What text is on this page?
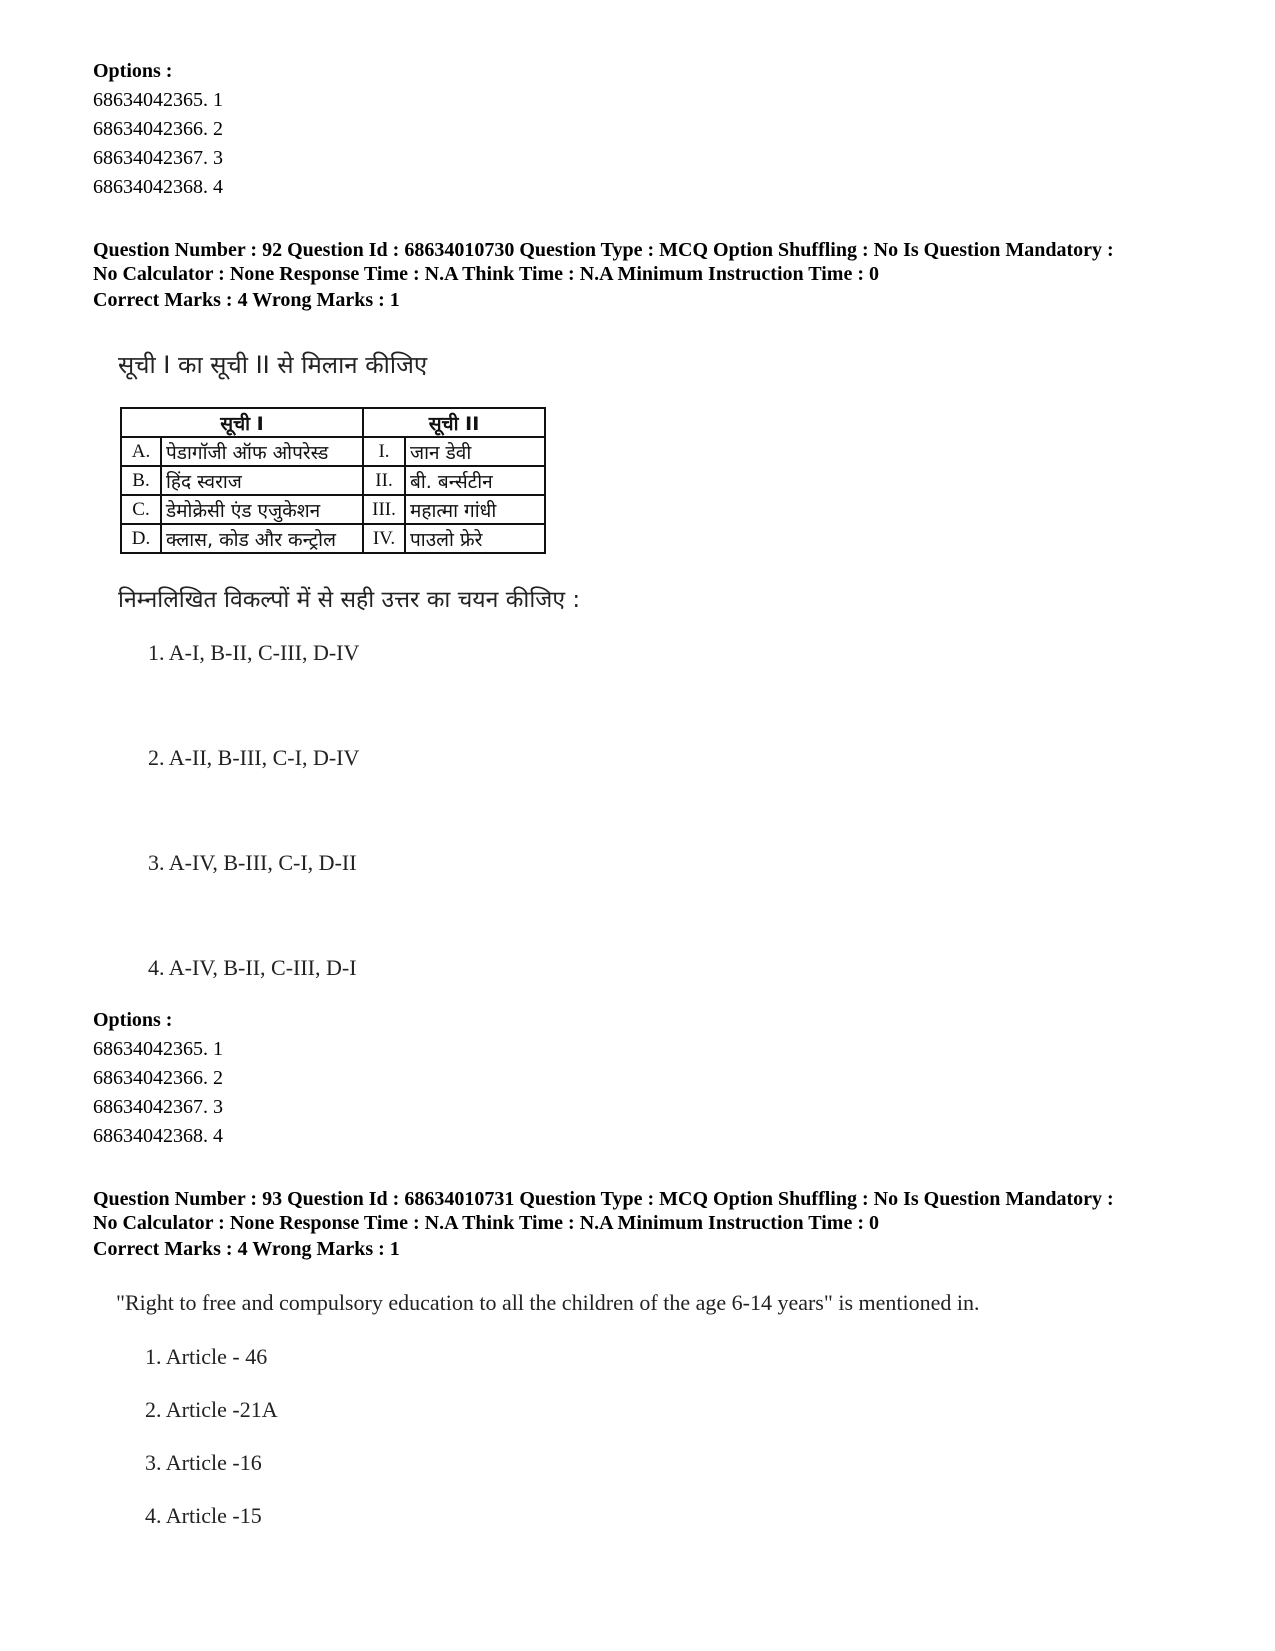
Options :
68634042365. 1
68634042366. 2
68634042367. 3
68634042368. 4
Question Number : 92 Question Id : 68634010730 Question Type : MCQ Option Shuffling : No Is Question Mandatory :
No Calculator : None Response Time : N.A Think Time : N.A Minimum Instruction Time : 0
Correct Marks : 4 Wrong Marks : 1
सूची I का सूची II से मिलान कीजिए
सूची I		सूची II	
A.	पेडागॉजी ऑफ ओपरेस्ड	I.	जान डेवी
B.	हिंद स्वराज	II.	बी. बर्न्सटीन
C.	डेमोक्रेसी एंड एजुकेशन	III.	महात्मा गांधी
D.	क्लास, कोड और कन्ट्रोल	IV.	पाउलो फ्रेरे
निम्नलिखित विकल्पों में से सही उत्तर का चयन कीजिए :
1. A-I, B-II, C-III, D-IV
2. A-II, B-III, C-I, D-IV
3. A-IV, B-III, C-I, D-II
4. A-IV, B-II, C-III, D-I
Options :
68634042365. 1
68634042366. 2
68634042367. 3
68634042368. 4
Question Number : 93 Question Id : 68634010731 Question Type : MCQ Option Shuffling : No Is Question Mandatory :
No Calculator : None Response Time : N.A Think Time : N.A Minimum Instruction Time : 0
Correct Marks : 4 Wrong Marks : 1
"Right to free and compulsory education to all the children of the age 6-14 years" is mentioned in.
1. Article - 46
2. Article -21A
3. Article -16
4. Article -15
